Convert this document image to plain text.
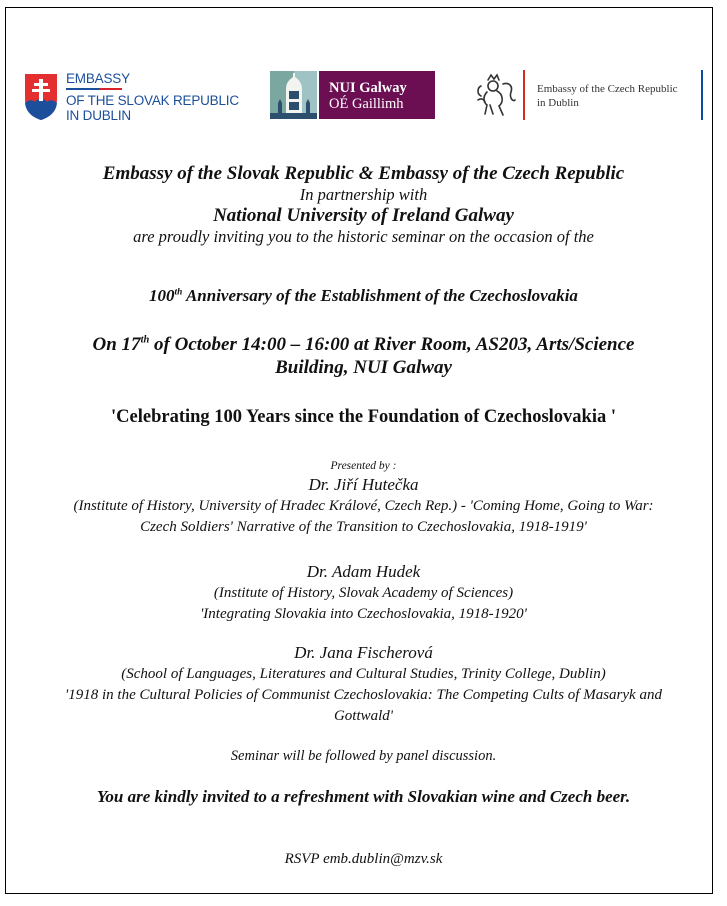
EMBASSY
OF THE SLOVAK REPUBLIC
IN DUBLIN
NUI Galway
OÉ Gaillimh
Embassy of the Czech Republic
in Dublin
Embassy of the Slovak Republic & Embassy of the Czech Republic
In partnership with
National University of Ireland Galway
are proudly inviting you to the historic seminar on the occasion of the
100th Anniversary of the Establishment of the Czechoslovakia
On 17th of October 14:00 – 16:00 at River Room, AS203, Arts/Science
Building, NUI Galway
'Celebrating 100 Years since the Foundation of Czechoslovakia '
Presented by :
Dr. Jiří Hutečka
(Institute of History, University of Hradec Králové, Czech Rep.) - 'Coming Home, Going to War:
Czech Soldiers' Narrative of the Transition to Czechoslovakia, 1918-1919'
Dr. Adam Hudek
(Institute of History, Slovak Academy of Sciences)
'Integrating Slovakia into Czechoslovakia, 1918-1920'
Dr. Jana Fischerová
(School of Languages, Literatures and Cultural Studies, Trinity College, Dublin)
'1918 in the Cultural Policies of Communist Czechoslovakia: The Competing Cults of Masaryk and
Gottwald'
Seminar will be followed by panel discussion.
You are kindly invited to a refreshment with Slovakian wine and Czech beer.
RSVP emb.dublin@mzv.sk
